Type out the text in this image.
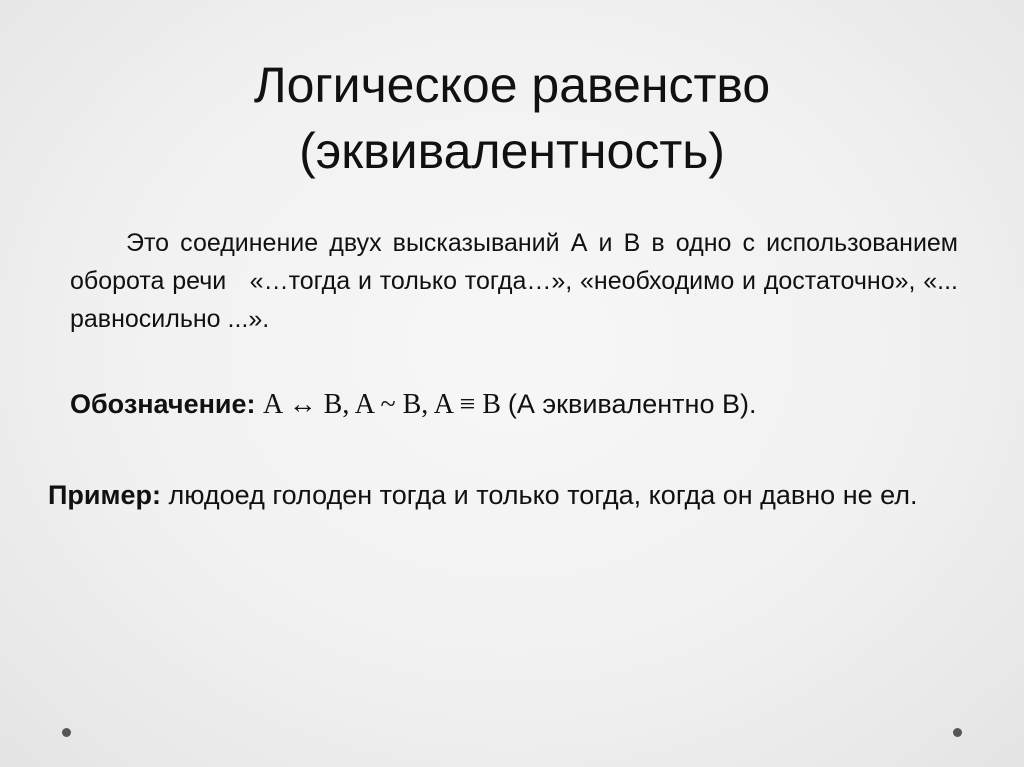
Логическое равенство
(эквивалентность)

Это соединение двух высказываний А и В в одно с использованием оборота речи   «…тогда и только тогда…», «необходимо и достаточно», «... равносильно ...».

Обозначение: A ↔ B, A ~ B, A ≡ B (А эквивалентно В).

Пример: людоед голоден тогда и только тогда, когда он давно не ел.
